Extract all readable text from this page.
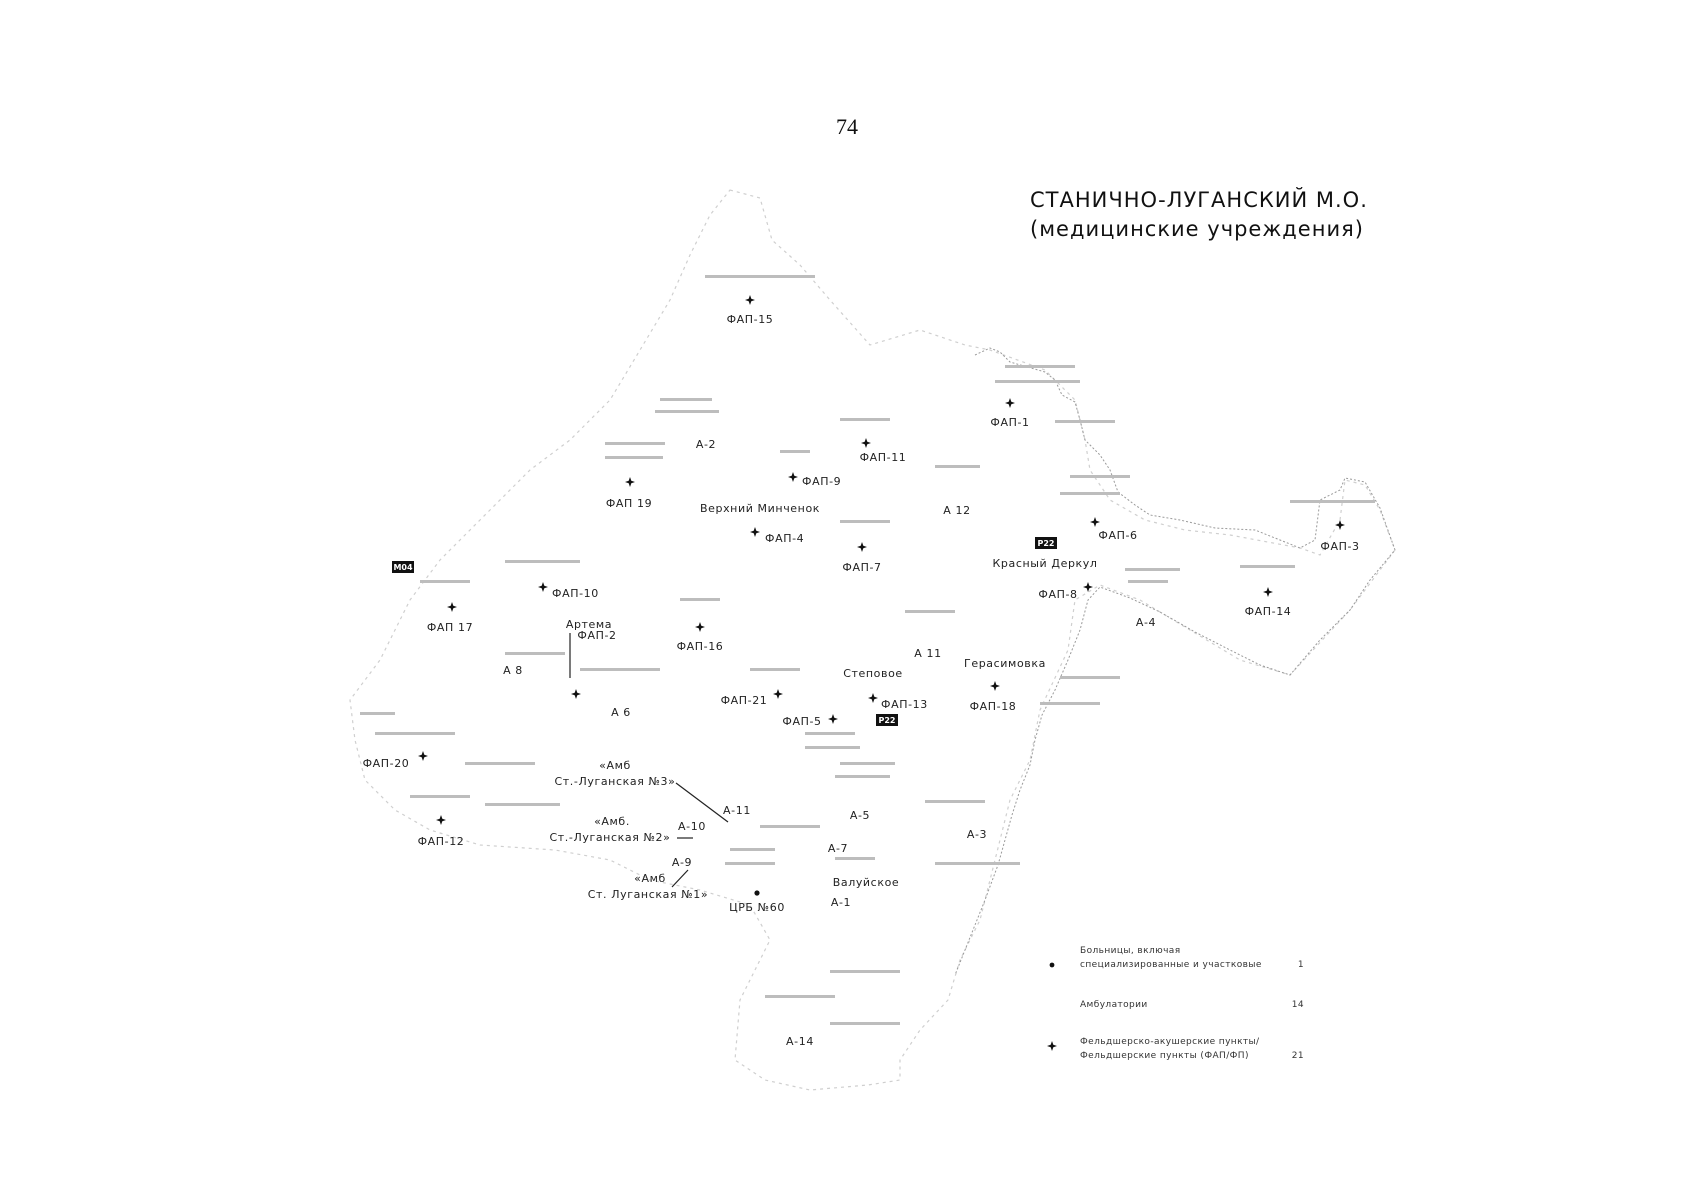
74
СТАНИЧНО-ЛУГАНСКИЙ М.О.
(медицинские учреждения)
ФАП-15
ФАП-1
ФАП-11
ФАП-9
ФАП 19
ФАП-4
ФАП-7
ФАП-6
ФАП-3
ФАП-10
ФАП 17
ФАП-8
ФАП-14
ФАП-16
ФАП-21	ФАП-13	ФАП-18
ФАП-5
ФАП-20
ФАП-12
ФАП-2
ЦРБ №60
Верхний Минченок
Красный Деркул
Артема
Степовое
Герасимовка
Валуйское
А-2
А 12
А-4
А 11
А 8
А 6
А-5
А-3
А-7
А-1
А-14
А-11
А-10
А-9
«Амб
Ст.-Луганская №3»
«Амб.
Ст.-Луганская №2»
«Амб
Ст. Луганская №1»
Р22
Р22
М04
Больницы, включая
специализированные и участковые	1
Амбулатории	14
Фельдшерско-акушерские пункты/
Фельдшерские пункты (ФАП/ФП)	21
